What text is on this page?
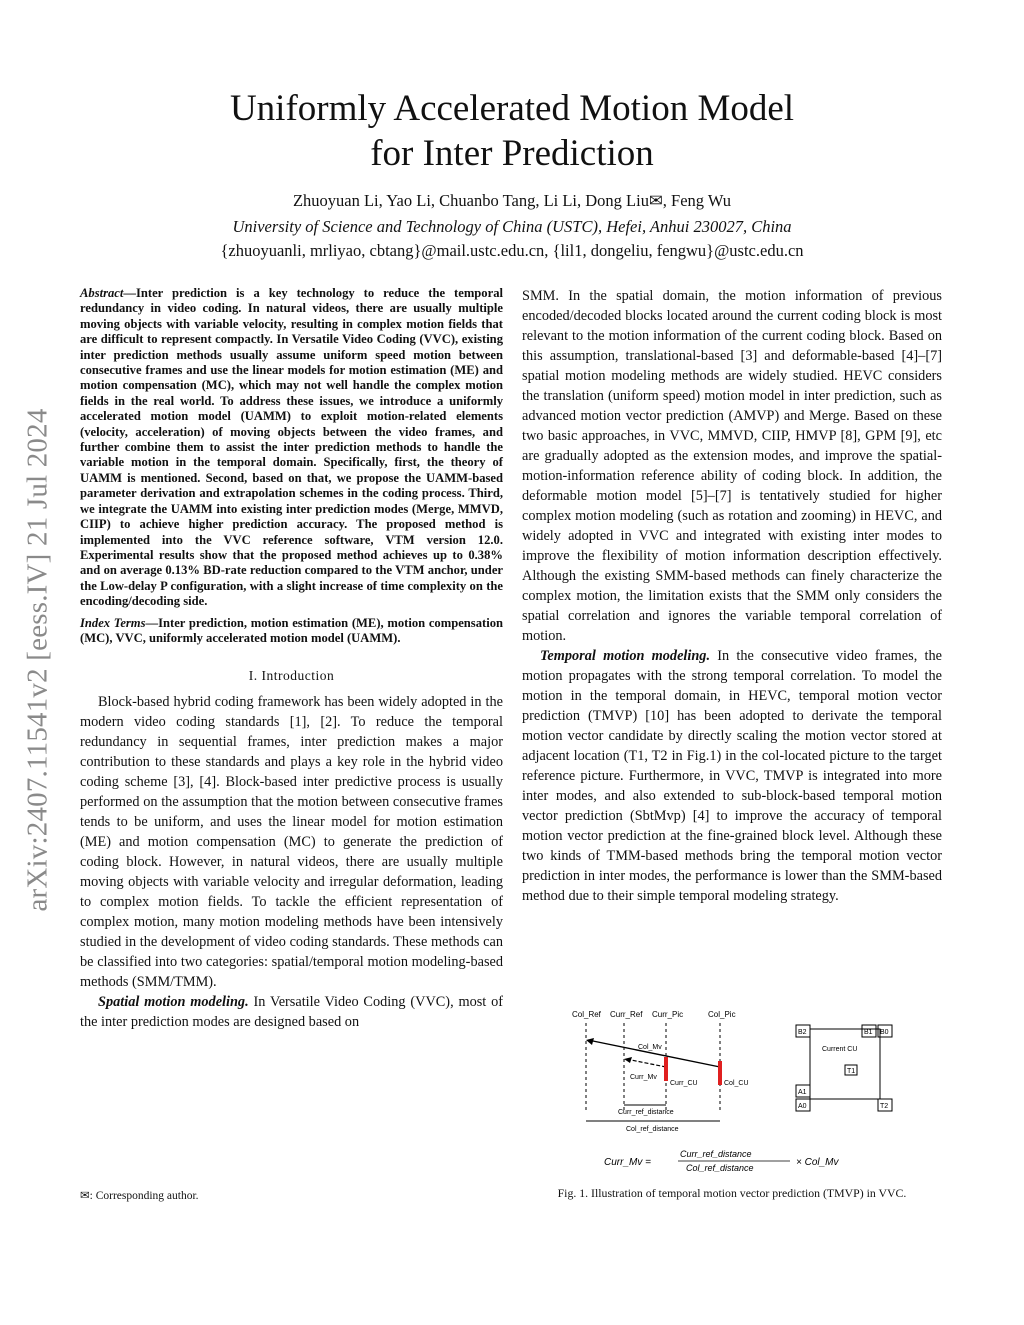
arXiv:2407.11541v2 [eess.IV] 21 Jul 2024
Uniformly Accelerated Motion Model
for Inter Prediction
Zhuoyuan Li, Yao Li, Chuanbo Tang, Li Li, Dong Liu✉, Feng Wu
University of Science and Technology of China (USTC), Hefei, Anhui 230027, China
{zhuoyuanli, mrliyao, cbtang}@mail.ustc.edu.cn, {lil1, dongeliu, fengwu}@ustc.edu.cn
Abstract—Inter prediction is a key technology to reduce the temporal redundancy in video coding. In natural videos, there are usually multiple moving objects with variable velocity, resulting in complex motion fields that are difficult to represent compactly. In Versatile Video Coding (VVC), existing inter prediction methods usually assume uniform speed motion between consecutive frames and use the linear models for motion estimation (ME) and motion compensation (MC), which may not well handle the complex motion fields in the real world. To address these issues, we introduce a uniformly accelerated motion model (UAMM) to exploit motion-related elements (velocity, acceleration) of moving objects between the video frames, and further combine them to assist the inter prediction methods to handle the variable motion in the temporal domain. Specifically, first, the theory of UAMM is mentioned. Second, based on that, we propose the UAMM-based parameter derivation and extrapolation schemes in the coding process. Third, we integrate the UAMM into existing inter prediction modes (Merge, MMVD, CIIP) to achieve higher prediction accuracy. The proposed method is implemented into the VVC reference software, VTM version 12.0. Experimental results show that the proposed method achieves up to 0.38% and on average 0.13% BD-rate reduction compared to the VTM anchor, under the Low-delay P configuration, with a slight increase of time complexity on the encoding/decoding side.
Index Terms—Inter prediction, motion estimation (ME), motion compensation (MC), VVC, uniformly accelerated motion model (UAMM).
I. Introduction

Block-based hybrid coding framework has been widely adopted in the modern video coding standards [1], [2]. To reduce the temporal redundancy in sequential frames, inter prediction makes a major contribution to these standards and plays a key role in the hybrid video coding scheme [3], [4]. Block-based inter predictive process is usually performed on the assumption that the motion between consecutive frames tends to be uniform, and uses the linear model for motion estimation (ME) and motion compensation (MC) to generate the prediction of coding block. However, in natural videos, there are usually multiple moving objects with variable velocity and irregular deformation, leading to complex motion fields. To tackle the efficient representation of complex motion, many motion modeling methods have been intensively studied in the development of video coding standards. These methods can be classified into two categories: spatial/temporal motion modeling-based methods (SMM/TMM).

Spatial motion modeling. In Versatile Video Coding (VVC), most of the inter prediction modes are designed based on

SMM. In the spatial domain, the motion information of previous encoded/decoded blocks located around the current coding block is most relevant to the motion information of the current coding block. Based on this assumption, translational-based [3] and deformable-based [4]–[7] spatial motion modeling methods are widely studied. HEVC considers the translation (uniform speed) motion model in inter prediction, such as advanced motion vector prediction (AMVP) and Merge. Based on these two basic approaches, in VVC, MMVD, CIIP, HMVP [8], GPM [9], etc are gradually adopted as the extension modes, and improve the spatial-motion-information reference ability of coding block. In addition, the deformable motion model [5]–[7] is tentatively studied for higher complex motion modeling (such as rotation and zooming) in HEVC, and widely adopted in VVC and integrated with existing inter modes to improve the flexibility of motion information description effectively. Although the existing SMM-based methods can finely characterize the complex motion, the limitation exists that the SMM only considers the spatial correlation and ignores the variable temporal correlation of motion.

Temporal motion modeling. In the consecutive video frames, the motion propagates with the strong temporal correlation. To model the motion in the temporal domain, in HEVC, temporal motion vector prediction (TMVP) [10] has been adopted to derivate the temporal motion vector candidate by directly scaling the motion vector stored at adjacent location (T1, T2 in Fig.1) in the col-located picture to the target reference picture. Furthermore, in VVC, TMVP is integrated into more inter modes, and also extended to sub-block-based temporal motion vector prediction (SbtMvp) [4] to improve the accuracy of temporal motion vector prediction at the fine-grained block level. Although these two kinds of TMM-based methods bring the temporal motion vector prediction in inter modes, the performance is lower than the SMM-based method due to their simple temporal modeling strategy.

Col_Ref Curr_Ref Curr_Pic	Col_Pic
Col_Mv
Curr_Mv
Curr_CU	Col_CU
Curr_ref_distance
Col_ref_distance
B2	B1 B0
Current CU
T1
A1
A0	T2
Curr_Mv =
Curr_ref_distance
Col_ref_distance	× Col_Mv
Fig. 1. Illustration of temporal motion vector prediction (TMVP) in VVC.
✉: Corresponding author.
